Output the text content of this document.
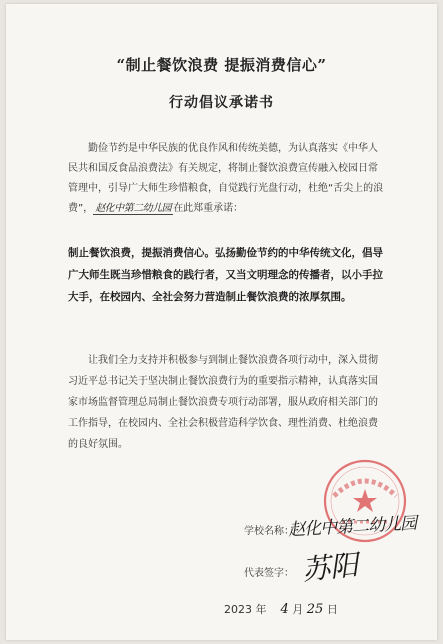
“制止餐饮浪费 提振消费信心”
行动倡议承诺书

勤俭节约是中华民族的优良作风和传统美德，为认真落实《中华人民共和国反食品浪费法》有关规定，将制止餐饮浪费宣传融入校园日常管理中，引导广大师生珍惜粮食，自觉践行光盘行动，杜绝“舌尖上的浪费”， 赵化中第二幼儿园 在此郑重承诺：

制止餐饮浪费，提振消费信心。弘扬勤俭节约的中华传统文化，倡导广大师生既当珍惜粮食的践行者，又当文明理念的传播者，以小手拉大手，在校园内、全社会努力营造制止餐饮浪费的浓厚氛围。

让我们全力支持并积极参与到制止餐饮浪费各项行动中，深入贯彻习近平总书记关于坚决制止餐饮浪费行为的重要指示精神，认真落实国家市场监督管理总局制止餐饮浪费专项行动部署，服从政府相关部门的工作指导，在校园内、全社会积极营造科学饮食、理性消费、杜绝浪费的良好氛围。

学校名称：
赵化中第二幼儿园
代表签字： 苏阳
2023 年 4 月 25 日
